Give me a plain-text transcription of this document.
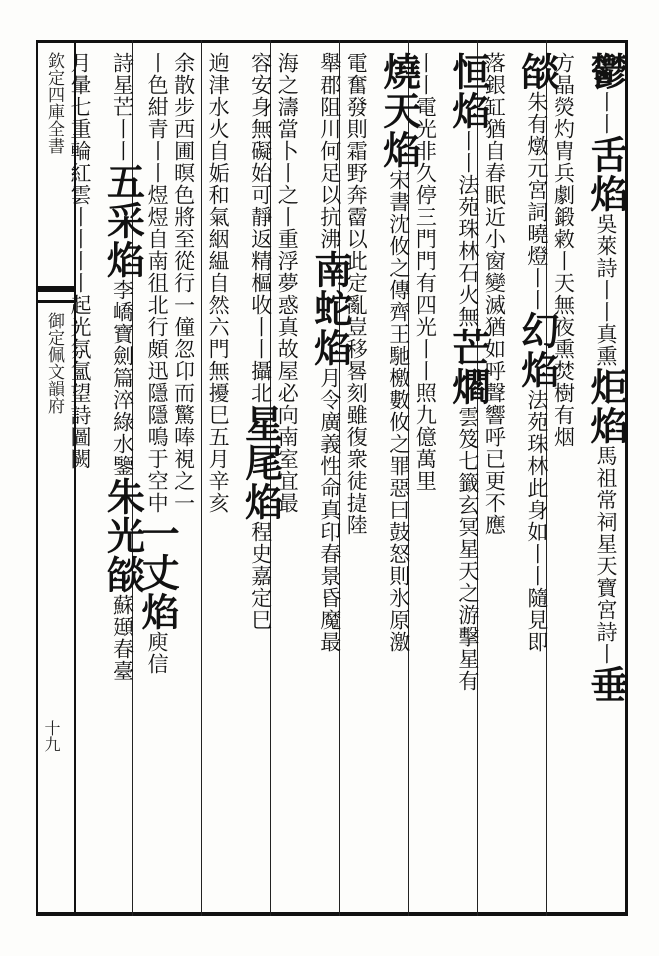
欽定四庫全書
御定佩文韻府
十九
鬱丨丨舌焰吳萊詩丨丨真熏炬焰馬祖常祠星天寶宮詩丨垂
方晶熒灼胄兵劇鍛敹丨天無夜熏焚樹有烟
燄朱有燉元宮詞曉燈丨丨幻焰法苑珠林此身如丨丨隨見即
落銀缸猶自春眠近小窗變滅猶如呼聲響呼已更不應
恒焰丨丨法苑珠林石火無芒爓雲笈七籤玄冥星天之游擊星有
丨丨電光非久停三門門有四光丨丨照九億萬里
燒天焰宋書沈攸之傳齊王馳檄數攸之罪惡曰鼓怒則氷原激
電奮發則霜野奔霤以此定亂豈移晷刻雖復衆徒㨗陸
舉郡阻川何足以抗沸南蛇焰月令廣義性命真印春景昏魔最
海之濤當卜丨之丨重浮夢惑真故屋必向南室宜最
容安身無礙始可靜返精樞收丨丨攝北星尾焰程史嘉定巳
逈津水火自姤和氣絪緼自然六門無擾巳五月辛亥
余散步西圃暝色將至從行一僮忽卬而驚唪視之一
丨色紺青丨丨煜煜自南徂北行頗迅隱隱鳴于空中一丈焰庾信
詩星芒丨丨五采焰李嶠寶劍篇淬綠水鑒朱光燄蘇頲春臺
月暈七重輪紅雲丨丨丨丨起光氛氳望詩圖闕
